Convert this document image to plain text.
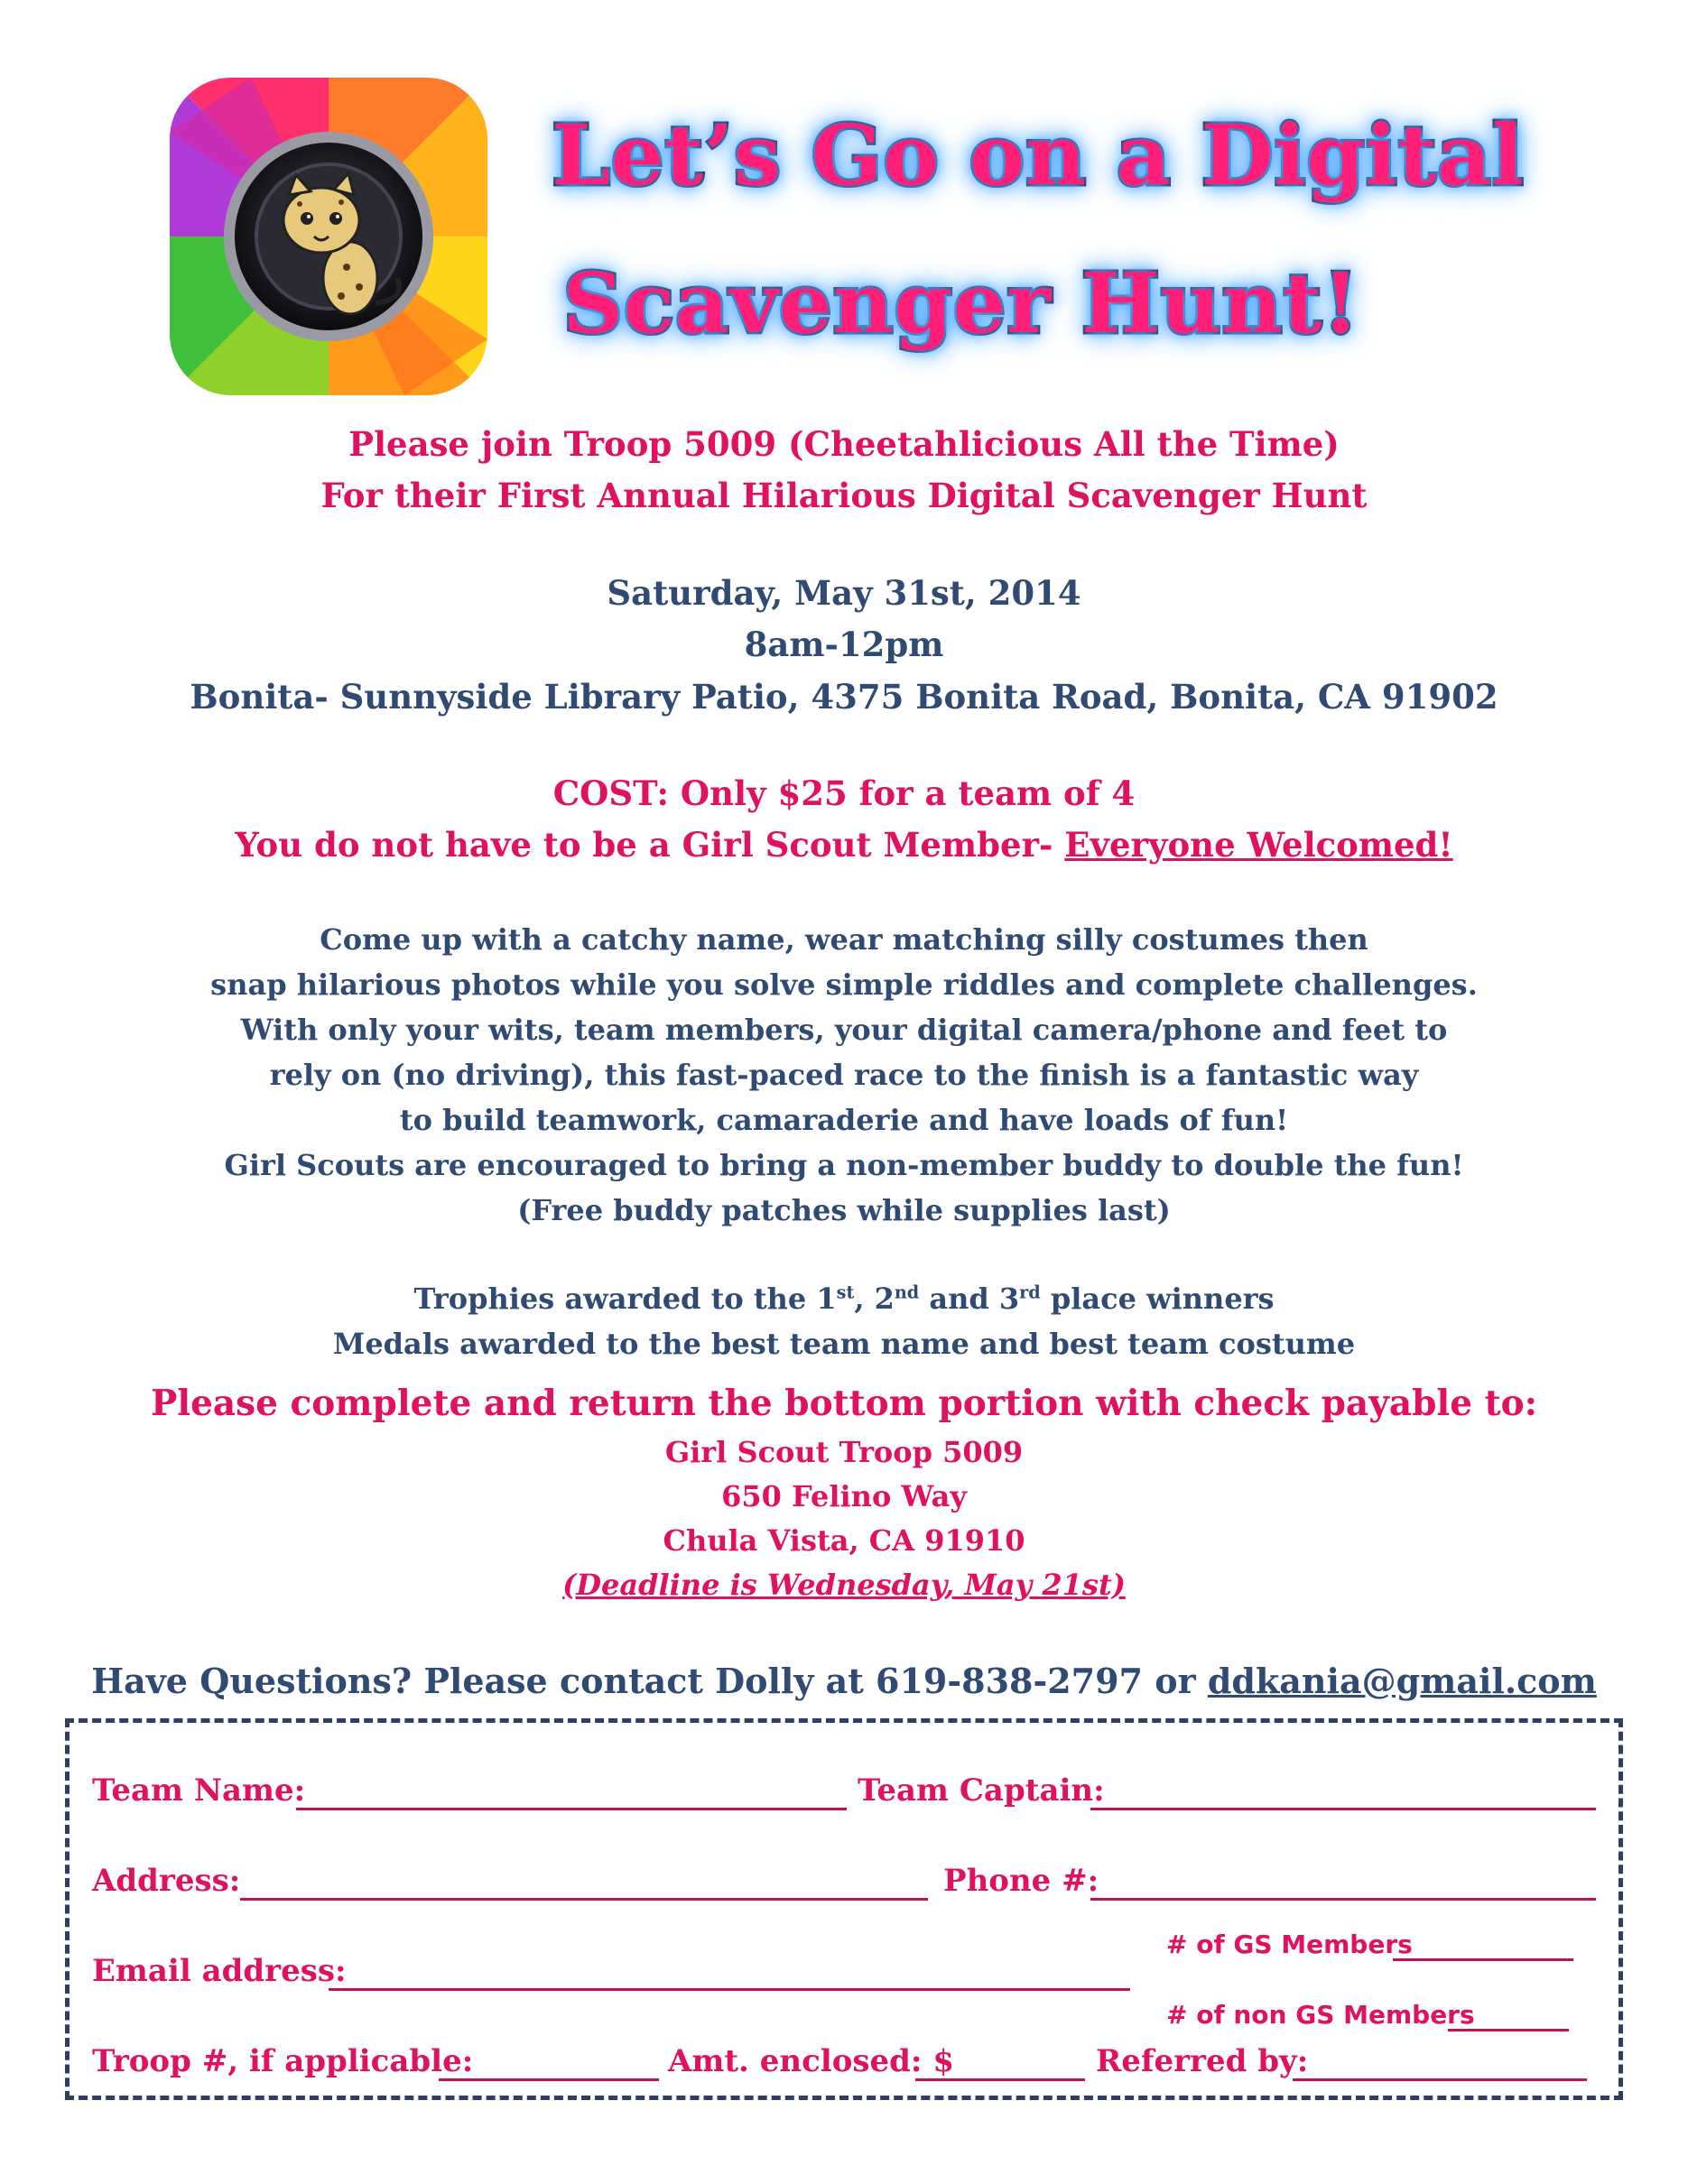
Let’s Go on a Digital
Scavenger Hunt!
Please join Troop 5009 (Cheetahlicious All the Time)
For their First Annual Hilarious Digital Scavenger Hunt
Saturday, May 31st, 2014
8am-12pm
Bonita- Sunnyside Library Patio, 4375 Bonita Road, Bonita, CA 91902
COST: Only $25 for a team of 4
You do not have to be a Girl Scout Member- Everyone Welcomed!
Come up with a catchy name, wear matching silly costumes then
snap hilarious photos while you solve simple riddles and complete challenges.
With only your wits, team members, your digital camera/phone and feet to
rely on (no driving), this fast-paced race to the finish is a fantastic way
to build teamwork, camaraderie and have loads of fun!
Girl Scouts are encouraged to bring a non-member buddy to double the fun!
(Free buddy patches while supplies last)
Trophies awarded to the 1st, 2nd and 3rd place winners
Medals awarded to the best team name and best team costume
Please complete and return the bottom portion with check payable to:
Girl Scout Troop 5009
650 Felino Way
Chula Vista, CA 91910
(Deadline is Wednesday, May 21st)
Have Questions? Please contact Dolly at 619-838-2797 or ddkania@gmail.com
Team Name:	Team Captain:
Address:	Phone #:
# of GS Members
Email address:
# of non GS Members
Troop #, if applicable:	Amt. enclosed: $	Referred by:
